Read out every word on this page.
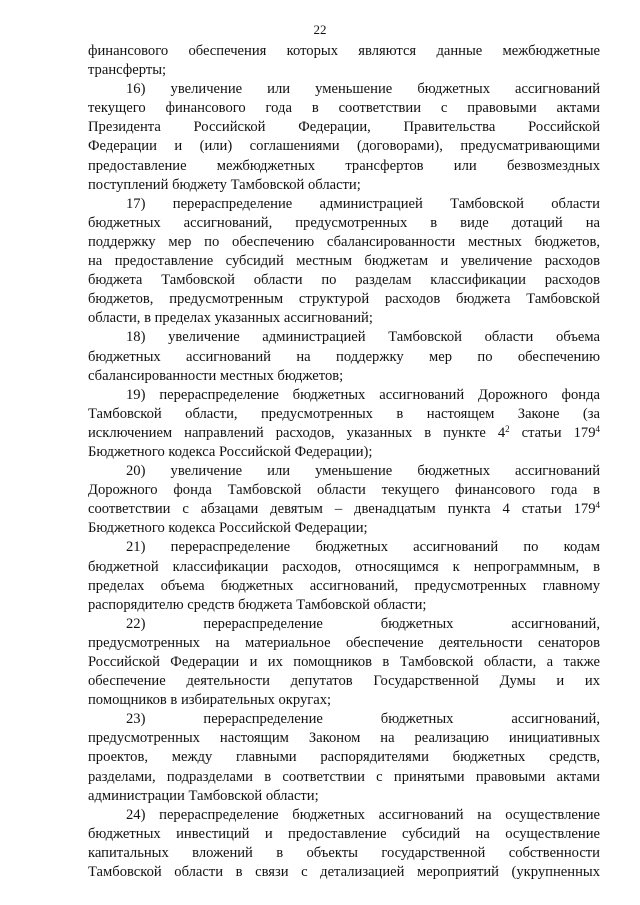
22
финансового обеспечения которых являются данные межбюджетные
трансферты;
16) увеличение или уменьшение бюджетных ассигнований
текущего финансового года в соответствии с правовыми актами
Президента Российской Федерации, Правительства Российской
Федерации и (или) соглашениями (договорами), предусматривающими
предоставление межбюджетных трансфертов или безвозмездных
поступлений бюджету Тамбовской области;
17) перераспределение администрацией Тамбовской области
бюджетных ассигнований, предусмотренных в виде дотаций на
поддержку мер по обеспечению сбалансированности местных бюджетов,
на предоставление субсидий местным бюджетам и увеличение расходов
бюджета Тамбовской области по разделам классификации расходов
бюджетов, предусмотренным структурой расходов бюджета Тамбовской
области, в пределах указанных ассигнований;
18) увеличение администрацией Тамбовской области объема
бюджетных ассигнований на поддержку мер по обеспечению
сбалансированности местных бюджетов;
19) перераспределение бюджетных ассигнований Дорожного фонда
Тамбовской области, предусмотренных в настоящем Законе (за
исключением направлений расходов, указанных в пункте $4^2$ статьи $179^4$
Бюджетного кодекса Российской Федерации);
20) увеличение или уменьшение бюджетных ассигнований
Дорожного фонда Тамбовской области текущего финансового года в
соответствии с абзацами девятым – двенадцатым пункта 4 статьи $179^4$
Бюджетного кодекса Российской Федерации;
21) перераспределение бюджетных ассигнований по кодам
бюджетной классификации расходов, относящимся к непрограммным, в
пределах объема бюджетных ассигнований, предусмотренных главному
распорядителю средств бюджета Тамбовской области;
22) перераспределение бюджетных ассигнований,
предусмотренных на материальное обеспечение деятельности сенаторов
Российской Федерации и их помощников в Тамбовской области, а также
обеспечение деятельности депутатов Государственной Думы и их
помощников в избирательных округах;
23) перераспределение бюджетных ассигнований,
предусмотренных настоящим Законом на реализацию инициативных
проектов, между главными распорядителями бюджетных средств,
разделами, подразделами в соответствии с принятыми правовыми актами
администрации Тамбовской области;
24) перераспределение бюджетных ассигнований на осуществление
бюджетных инвестиций и предоставление субсидий на осуществление
капитальных вложений в объекты государственной собственности
Тамбовской области в связи с детализацией мероприятий (укрупненных
